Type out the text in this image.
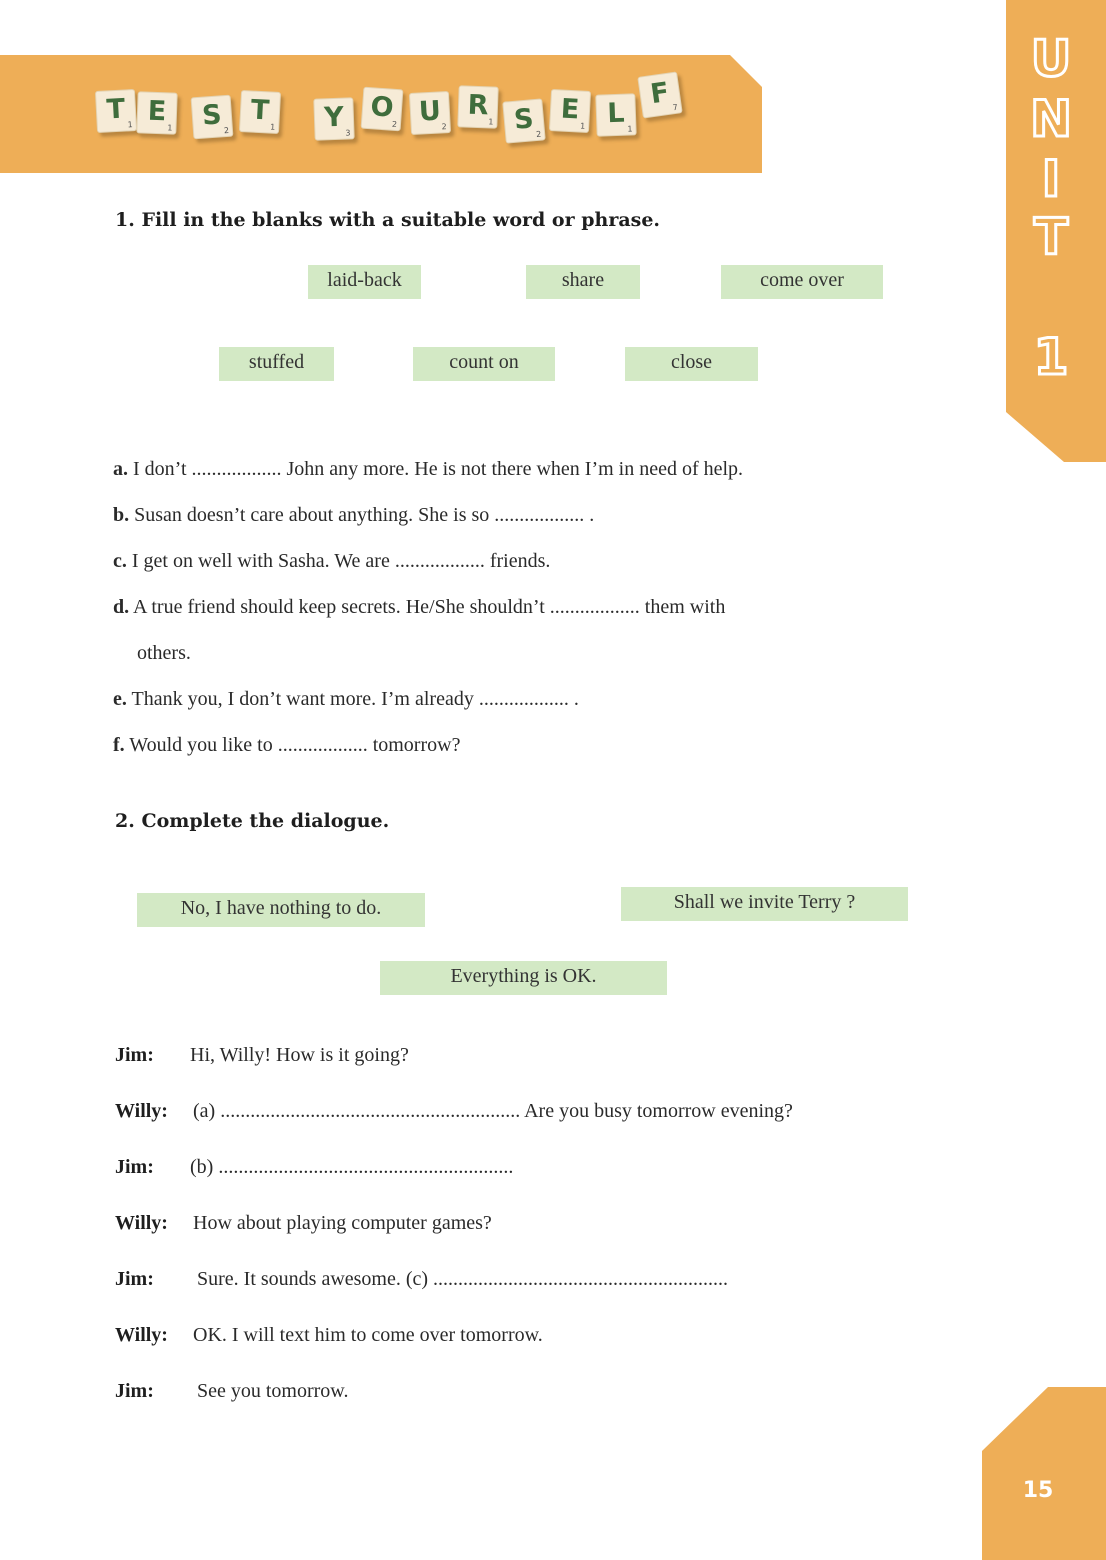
T 1 E
1	S 2
T
1	Y 3
O
2 U 2
R
1 S 2
E
1 L 1
F 7
U
N
I
T
1
1. Fill in the blanks with a suitable word or phrase.
laid-back	share	come over
stuffed	count on	close
a. I don’t .................. John any more. He is not there when I’m in need of help.
b. Susan doesn’t care about anything. She is so .................. .
c. I get on well with Sasha. We are .................. friends.
d. A true friend should keep secrets. He/She shouldn’t .................. them with
others.
e. Thank you, I don’t want more. I’m already .................. .
f. Would you like to .................. tomorrow?
2. Complete the dialogue.
No, I have nothing to do.	Shall we invite Terry ?
Everything is OK.
Jim: Hi, Willy! How is it going?
Willy: (a) ............................................................ Are you busy tomorrow evening?
Jim: (b) ...........................................................
Willy: How about playing computer games?
Jim: Sure. It sounds awesome. (c) ...........................................................
Willy: OK. I will text him to come over tomorrow.
Jim: See you tomorrow.
15
